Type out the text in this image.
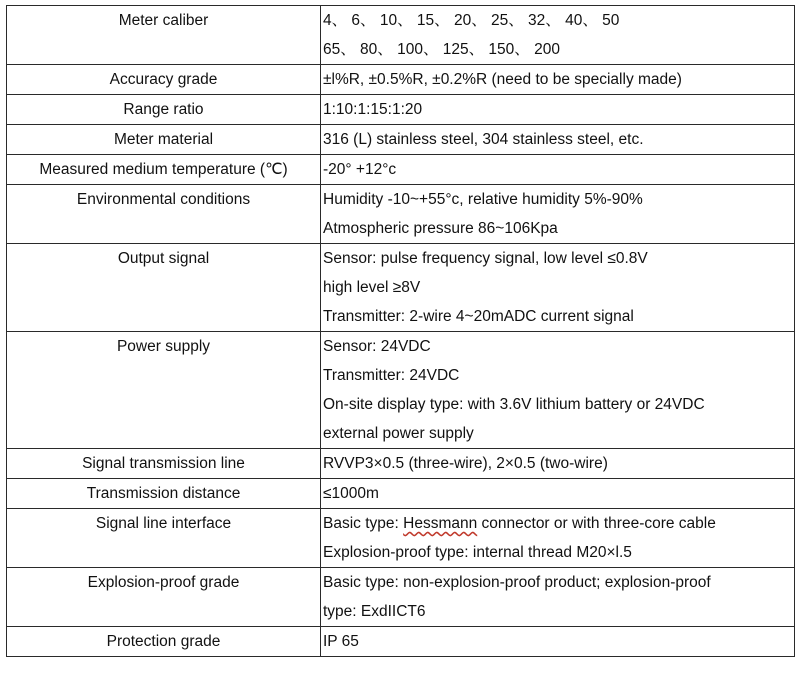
Meter caliber	4、 6、 10、 15、 20、 25、 32、 40、 50
65、 80、 100、 125、 150、 200

Accuracy grade	±l%R, ±0.5%R, ±0.2%R (need to be specially made)

Range ratio	1:10:1:15:1:20

Meter material	316 (L) stainless steel, 304 stainless steel, etc.

Measured medium temperature (℃)	-20° +12°c

Environmental conditions	Humidity -10~+55°c, relative humidity 5%-90%
Atmospheric pressure 86~106Kpa

Output signal	Sensor: pulse frequency signal, low level ≤0.8V
high level ≥8V
Transmitter: 2-wire 4~20mADC current signal

Power supply	Sensor: 24VDC
Transmitter: 24VDC
On-site display type: with 3.6V lithium battery or 24VDC
external power supply

Signal transmission line	RVVP3×0.5 (three-wire), 2×0.5 (two-wire)

Transmission distance	≤1000m

Signal line interface	Basic type: Hessmann connector or with three-core cable
Explosion-proof type: internal thread M20×l.5

Explosion-proof grade	Basic type: non-explosion-proof product; explosion-proof
type: ExdIICT6

Protection grade	IP 65
